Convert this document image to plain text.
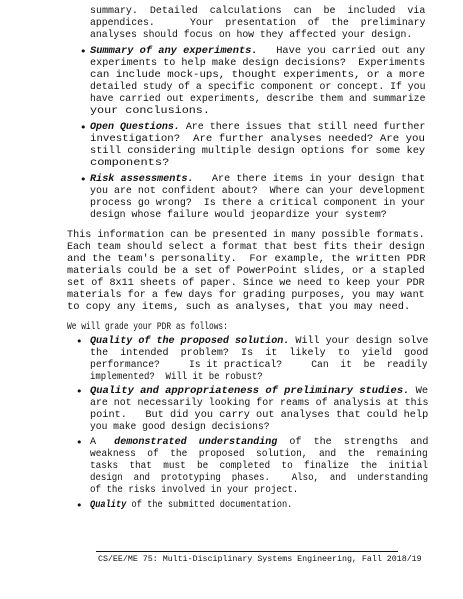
summary.  Detailed  calculations  can  be  included  via
appendices.      Your  presentation  of  the  preliminary
analyses should focus on how they affected your design.
Summary of any experiments.   Have you carried out any
experiments to help make design decisions?  Experiments
can include mock-ups, thought experiments, or a more
detailed study of a specific component or concept. If you
have carried out experiments, describe them and summarize
your conclusions.
Open Questions. Are there issues that still need further
investigation?  Are further analyses needed? Are you
still considering multiple design options for some key
components?
Risk assessments.   Are there items in your design that
you are not confident about?  Where can your development
process go wrong?  Is there a critical component in your
design whose failure would jeopardize your system?
This information can be presented in many possible formats.
Each team should select a format that best fits their design
and the team's personality.  For example, the written PDR
materials could be a set of PowerPoint slides, or a stapled
set of 8x11 sheets of paper. Since we need to keep your PDR
materials for a few days for grading purposes, you may want
to copy any items, such as analyses, that you may need.
We will grade your PDR as follows:
Quality of the proposed solution. Will your design solve
the  intended  problem?  Is  it  likely  to  yield  good
performance?     Is it practical?     Can  it  be  readily
implemented?  Will it be robust?
Quality and appropriateness of preliminary studies. We
are not necessarily looking for reams of analysis at this
point.   But did you carry out analyses that could help
you make good design decisions?
A   demonstrated  understanding  of  the  strengths  and
weakness  of  the  proposed  solution,  and  the  remaining
tasks  that  must  be  completed  to  finalize  the  initial
design  and  prototyping  phases.    Also,  and  understanding
of the risks involved in your project.
Quality of the submitted documentation.
•
•
•
•
•
•
•
CS/EE/ME 75: Multi-Disciplinary Systems Engineering, Fall 2018/19
